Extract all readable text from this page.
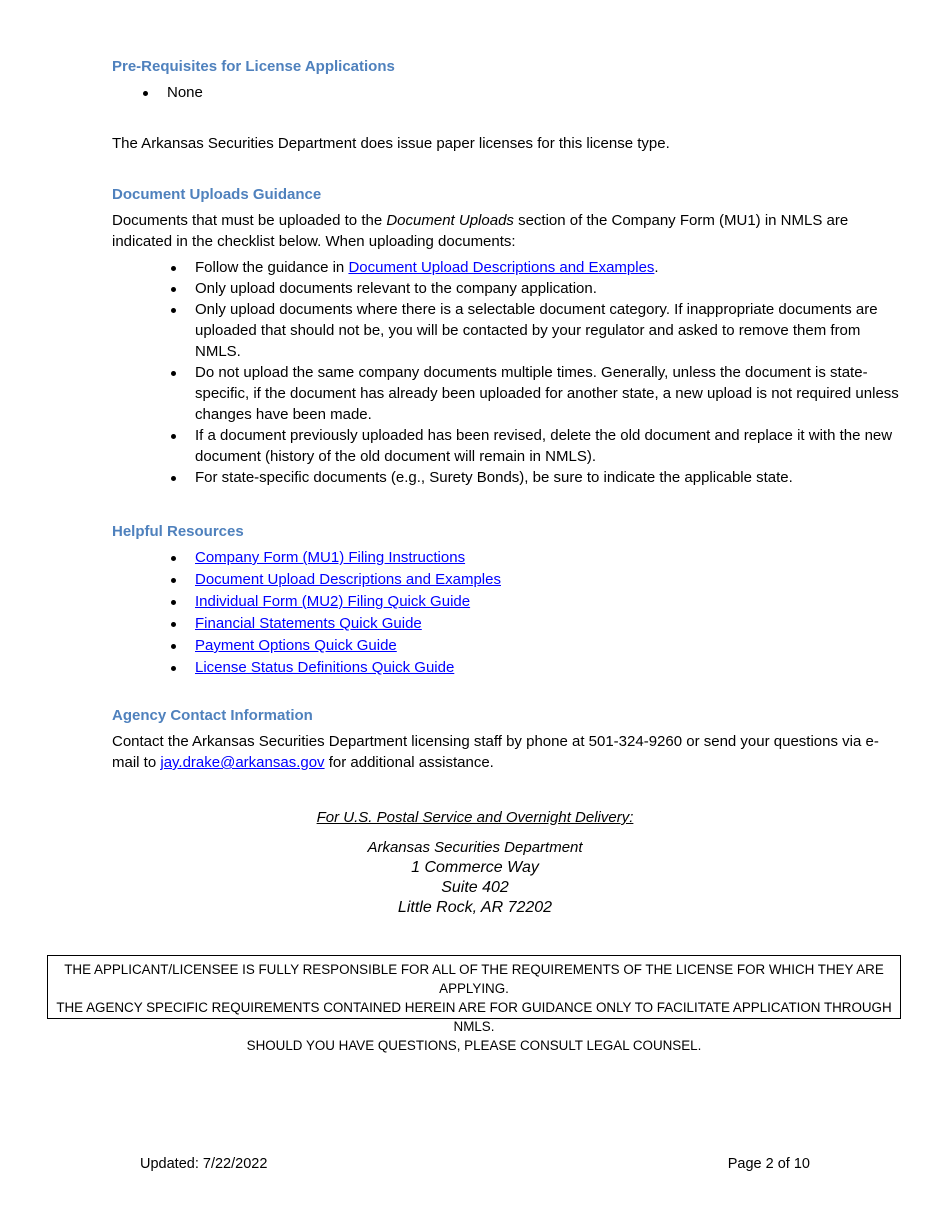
Pre-Requisites for License Applications
None

The Arkansas Securities Department does issue paper licenses for this license type.

Document Uploads Guidance

Documents that must be uploaded to the Document Uploads section of the Company Form (MU1) in NMLS are indicated in the checklist below. When uploading documents:

Follow the guidance in Document Upload Descriptions and Examples.
Only upload documents relevant to the company application.
Only upload documents where there is a selectable document category. If inappropriate documents are uploaded that should not be, you will be contacted by your regulator and asked to remove them from NMLS.
Do not upload the same company documents multiple times. Generally, unless the document is state-specific, if the document has already been uploaded for another state, a new upload is not required unless changes have been made.
If a document previously uploaded has been revised, delete the old document and replace it with the new document (history of the old document will remain in NMLS).
For state-specific documents (e.g., Surety Bonds), be sure to indicate the applicable state.
Helpful Resources
Company Form (MU1) Filing Instructions
Document Upload Descriptions and Examples
Individual Form (MU2) Filing Quick Guide
Financial Statements Quick Guide
Payment Options Quick Guide
License Status Definitions Quick Guide
Agency Contact Information

Contact the Arkansas Securities Department licensing staff by phone at 501-324-9260 or send your questions via e-mail to jay.drake@arkansas.gov for additional assistance.

For U.S. Postal Service and Overnight Delivery:

Arkansas Securities Department

1 Commerce Way

Suite 402

Little Rock, AR 72202

THE APPLICANT/LICENSEE IS FULLY RESPONSIBLE FOR ALL OF THE REQUIREMENTS OF THE LICENSE FOR WHICH THEY ARE APPLYING.
THE AGENCY SPECIFIC REQUIREMENTS CONTAINED HEREIN ARE FOR GUIDANCE ONLY TO FACILITATE APPLICATION THROUGH NMLS.
SHOULD YOU HAVE QUESTIONS, PLEASE CONSULT LEGAL COUNSEL.

Updated: 7/22/2022	Page 2 of 10
